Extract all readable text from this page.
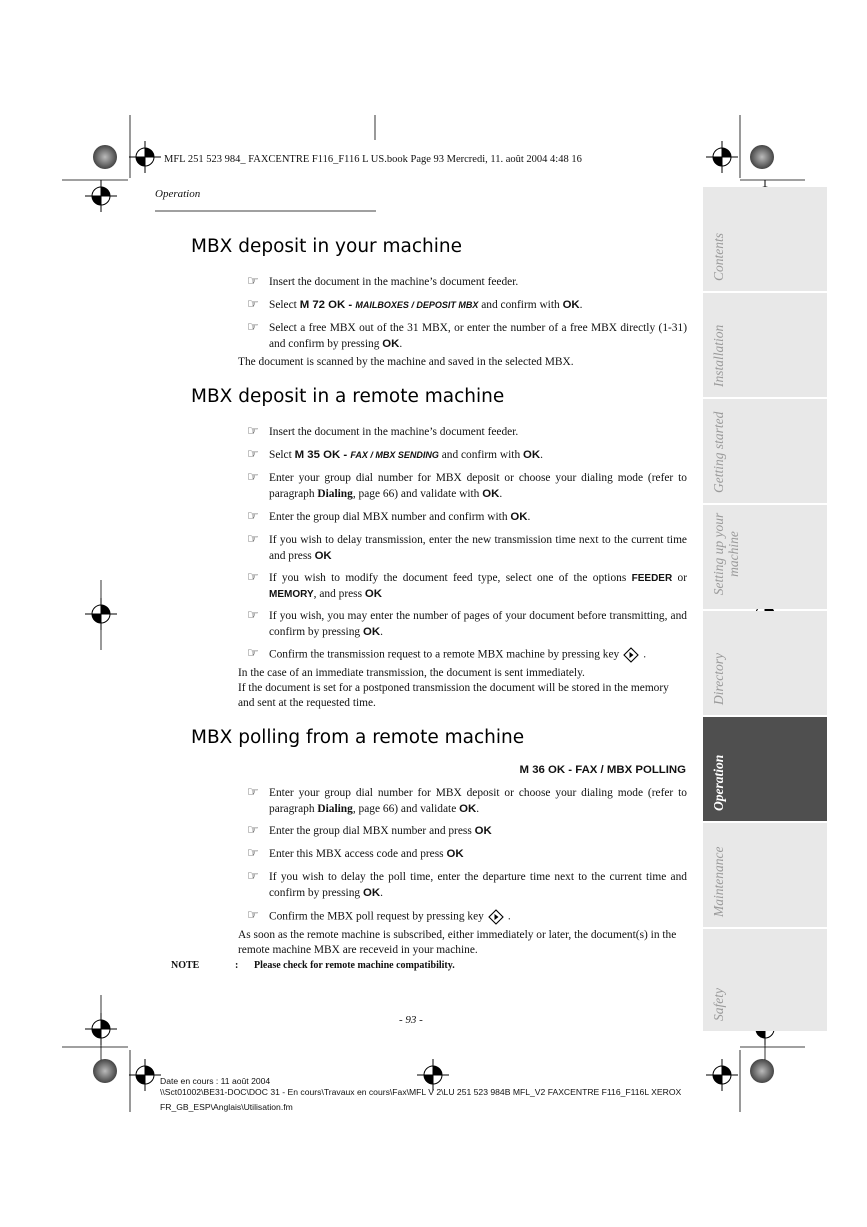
MFL 251 523 984_ FAXCENTRE F116_F116 L US.book Page 93 Mercredi, 11. août 2004 4:48 16
Operation
Contents
Installation
Getting started
Setting up your machine
Directory
Operation
Maintenance
Safety
MBX deposit in your machine
☞ Insert the document in the machine’s document feeder.
☞ Select M 72 OK - MAILBOXES / DEPOSIT MBX and confirm with OK.
☞ Select a free MBX out of the 31 MBX, or enter the number of a free MBX directly (1-31) and confirm by pressing OK.
The document is scanned by the machine and saved in the selected MBX.
MBX deposit in a remote machine
☞ Insert the document in the machine’s document feeder.
☞ Selct M 35 OK - FAX / MBX SENDING and confirm with OK.
☞ Enter your group dial number for MBX deposit or choose your dialing mode (refer to paragraph Dialing, page 66) and validate with OK.
☞ Enter the group dial MBX number and confirm with OK.
☞ If you wish to delay transmission, enter the new transmission time next to the current time and press OK
☞ If you wish to modify the document feed type, select one of the options FEEDER or MEMORY, and press OK
☞ If you wish, you may enter the number of pages of your document before transmitting, and confirm by pressing OK.
☞ Confirm the transmission request to a remote MBX machine by pressing key .
In the case of an immediate transmission, the document is sent immediately.
If the document is set for a postponed transmission the document will be stored in the memory and sent at the requested time.
MBX polling from a remote machine
M 36 OK - FAX / MBX POLLING
☞ Enter your group dial number for MBX deposit or choose your dialing mode (refer to paragraph Dialing, page 66) and validate OK.
☞ Enter the group dial MBX number and press OK
☞ Enter this MBX access code and press OK
☞ If you wish to delay the poll time, enter the departure time next to the current time and confirm by pressing OK.
☞ Confirm the MBX poll request by pressing key .
As soon as the remote machine is subscribed, either immediately or later, the document(s) in the remote machine MBX are receveid in your machine.
NOTE	: Please check for remote machine compatibility.
- 93 -
Date en cours : 11 août 2004
\\Sct01002\BE31-DOC\DOC 31 - En cours\Travaux en cours\Fax\MFL V 2\LU 251 523 984B MFL_V2 FAXCENTRE F116_F116L XEROX
FR_GB_ESP\Anglais\Utilisation.fm
